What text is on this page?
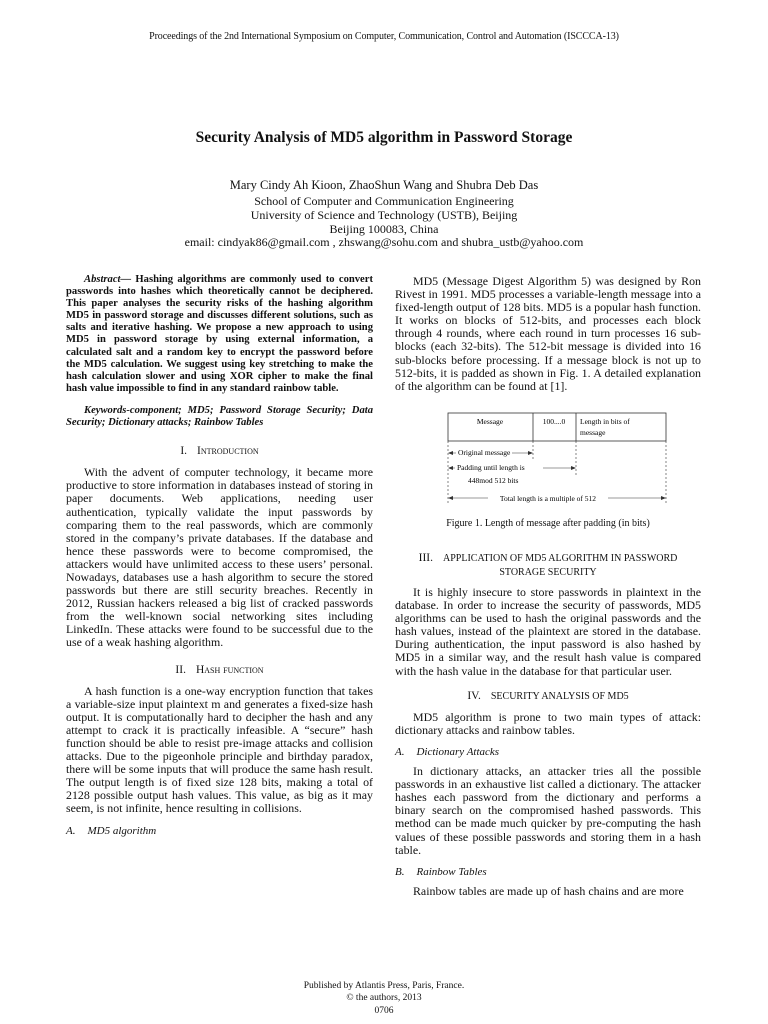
Proceedings of the 2nd International Symposium on Computer, Communication, Control and Automation (ISCCCA-13)
Security Analysis of MD5 algorithm in Password Storage
Mary Cindy Ah Kioon, ZhaoShun Wang and Shubra Deb Das
School of Computer and Communication Engineering
University of Science and Technology (USTB), Beijing
Beijing 100083, China
email: cindyak86@gmail.com , zhswang@sohu.com and shubra_ustb@yahoo.com

Abstract— Hashing algorithms are commonly used to convert passwords into hashes which theoretically cannot be deciphered. This paper analyses the security risks of the hashing algorithm MD5 in password storage and discusses different solutions, such as salts and iterative hashing. We propose a new approach to using MD5 in password storage by using external information, a calculated salt and a random key to encrypt the password before the MD5 calculation. We suggest using key stretching to make the hash calculation slower and using XOR cipher to make the final hash value impossible to find in any standard rainbow table.

Keywords-component; MD5; Password Storage Security; Data Security; Dictionary attacks; Rainbow Tables

I. Introduction

With the advent of computer technology, it became more productive to store information in databases instead of storing in paper documents. Web applications, needing user authentication, typically validate the input passwords by comparing them to the real passwords, which are commonly stored in the company’s private databases. If the database and hence these passwords were to become compromised, the attackers would have unlimited access to these users’ personal. Nowadays, databases use a hash algorithm to secure the stored passwords but there are still security breaches. Recently in 2012, Russian hackers released a big list of cracked passwords from the well-known social networking sites including LinkedIn. These attacks were found to be successful due to the use of a weak hashing algorithm.

II. Hash function

A hash function is a one-way encryption function that takes a variable-size input plaintext m and generates a fixed-size hash output. It is computationally hard to decipher the hash and any attempt to crack it is practically infeasible. A “secure” hash function should be able to resist pre-image attacks and collision attacks. Due to the pigeonhole principle and birthday paradox, there will be some inputs that will produce the same hash result. The output length is of fixed size 128 bits, making a total of 2128 possible output hash values. This value, as big as it may seem, is not infinite, hence resulting in collisions.

A. MD5 algorithm

MD5 (Message Digest Algorithm 5) was designed by Ron Rivest in 1991. MD5 processes a variable-length message into a fixed-length output of 128 bits. MD5 is a popular hash function. It works on blocks of 512-bits, and processes each block through 4 rounds, where each round in turn processes 16 sub-blocks (each 32-bits). The 512-bit message is divided into 16 sub-blocks before processing. If a message block is not up to 512-bits, it is padded as shown in Fig. 1. A detailed explanation of the algorithm can be found at [1].

Message	100....0 Length in bits of
message
Original message
Padding until length is
448mod 512 bits
Total length is a multiple of 512
Figure 1. Length of message after padding (in bits)
III. APPLICATION OF MD5 ALGORITHM IN PASSWORD STORAGE SECURITY

It is highly insecure to store passwords in plaintext in the database. In order to increase the security of passwords, MD5 algorithms can be used to hash the original passwords and the hash values, instead of the plaintext are stored in the database. During authentication, the input password is also hashed by MD5 in a similar way, and the result hash value is compared with the hash value in the database for that particular user.

IV. SECURITY ANALYSIS OF MD5

MD5 algorithm is prone to two main types of attack: dictionary attacks and rainbow tables.

A. Dictionary Attacks

In dictionary attacks, an attacker tries all the possible passwords in an exhaustive list called a dictionary. The attacker hashes each password from the dictionary and performs a binary search on the compromised hashed passwords. This method can be made much quicker by pre-computing the hash values of these possible passwords and storing them in a hash table.

B. Rainbow Tables

Rainbow tables are made up of hash chains and are more

Published by Atlantis Press, Paris, France.
© the authors, 2013
0706
